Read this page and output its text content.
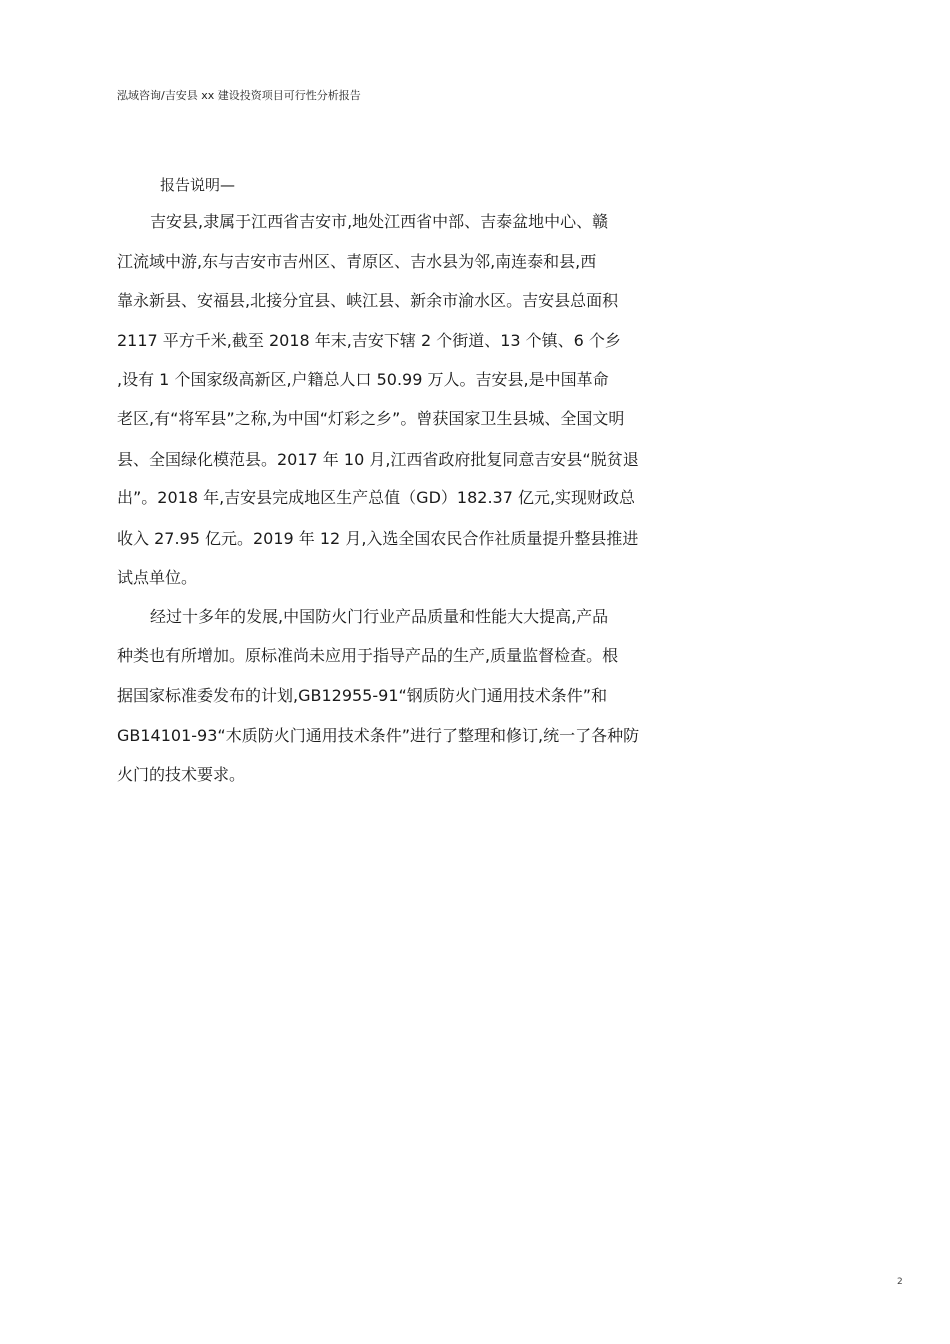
泓域咨询/吉安县 xx 建设投资项目可行性分析报告
报告说明—
吉安县,隶属于江西省吉安市,地处江西省中部、吉泰盆地中心、赣
江流域中游,东与吉安市吉州区、青原区、吉水县为邻,南连泰和县,西
靠永新县、安福县,北接分宜县、峡江县、新余市渝水区。吉安县总面积
2117 平方千米,截至 2018 年末,吉安下辖 2 个街道、13 个镇、6 个乡
,设有 1 个国家级高新区,户籍总人口 50.99 万人。吉安县,是中国革命
老区,有“将军县”之称,为中国“灯彩之乡”。曾获国家卫生县城、全国文明
县、全国绿化模范县。2017 年 10 月,江西省政府批复同意吉安县“脱贫退
出”。2018 年,吉安县完成地区生产总值（GD）182.37 亿元,实现财政总
收入 27.95 亿元。2019 年 12 月,入选全国农民合作社质量提升整县推进
试点单位。
经过十多年的发展,中国防火门行业产品质量和性能大大提高,产品
种类也有所增加。原标准尚未应用于指导产品的生产,质量监督检查。根
据国家标准委发布的计划,GB12955-91“钢质防火门通用技术条件”和
GB14101-93“木质防火门通用技术条件”进行了整理和修订,统一了各种防
火门的技术要求。
2
